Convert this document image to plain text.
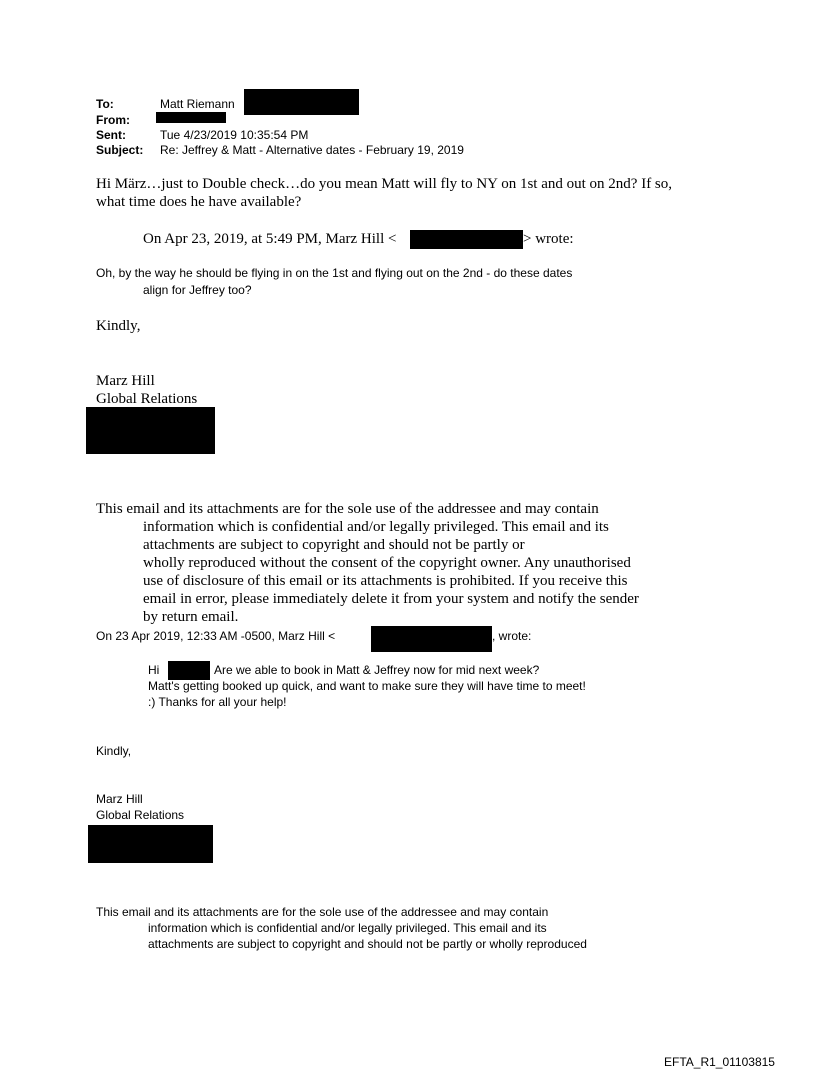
To:	Matt Riemann
From:
Sent:	Tue 4/23/2019 10:35:54 PM
Subject: Re: Jeffrey & Matt - Alternative dates - February 19, 2019
Hi März…just to Double check…do you mean Matt will fly to NY on 1st and out on 2nd? If so,
what time does he have available?
On Apr 23, 2019, at 5:49 PM, Marz Hill <	> wrote:
Oh, by the way he should be flying in on the 1st and flying out on the 2nd - do these dates
align for Jeffrey too?
Kindly,
Marz Hill
Global Relations
This email and its attachments are for the sole use of the addressee and may contain
information which is confidential and/or legally privileged. This email and its
attachments are subject to copyright and should not be partly or
wholly reproduced without the consent of the copyright owner. Any unauthorised
use of disclosure of this email or its attachments is prohibited. If you receive this
email in error, please immediately delete it from your system and notify the sender
by return email.
On 23 Apr 2019, 12:33 AM -0500, Marz Hill <	, wrote:
Hi	Are we able to book in Matt & Jeffrey now for mid next week?
Matt's getting booked up quick, and want to make sure they will have time to meet!
:) Thanks for all your help!
Kindly,
Marz Hill
Global Relations
This email and its attachments are for the sole use of the addressee and may contain
information which is confidential and/or legally privileged. This email and its
attachments are subject to copyright and should not be partly or wholly reproduced
EFTA_R1_01103815
